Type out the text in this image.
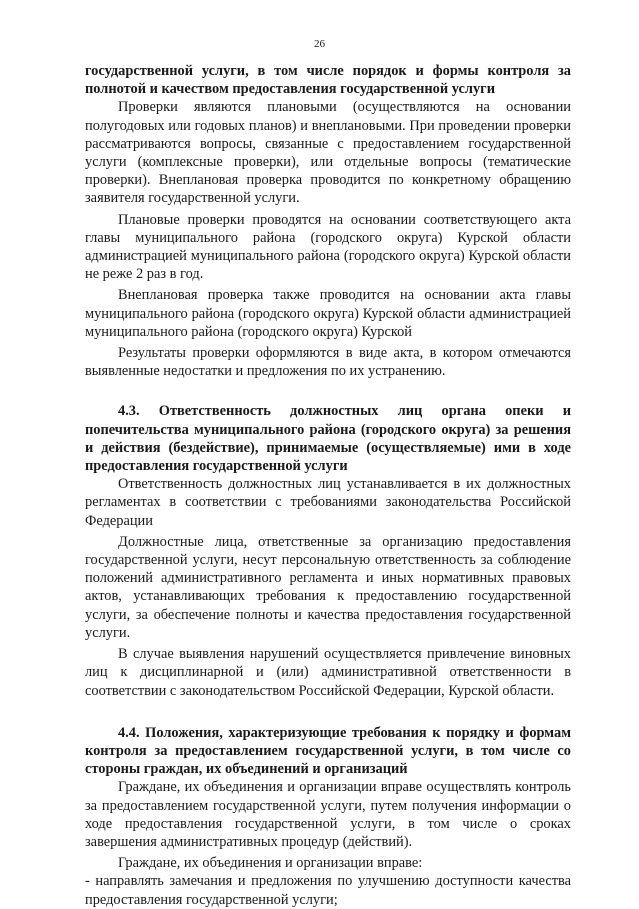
26

государственной услуги, в том числе порядок и формы контроля за полнотой и качеством предоставления государственной услуги

Проверки являются плановыми (осуществляются на основании полугодовых или годовых планов) и внеплановыми. При проведении проверки рассматриваются вопросы, связанные с предоставлением государственной услуги (комплексные проверки), или отдельные вопросы (тематические проверки). Внеплановая проверка проводится по конкретному обращению заявителя государственной услуги.

Плановые проверки проводятся на основании соответствующего акта главы муниципального района (городского округа) Курской области администрацией муниципального района (городского округа) Курской области не реже 2 раз в год.

Внеплановая проверка также проводится на основании акта главы муниципального района (городского округа) Курской области администрацией муниципального района (городского округа) Курской

Результаты проверки оформляются в виде акта, в котором отмечаются выявленные недостатки и предложения по их устранению.

4.3. Ответственность должностных лиц органа опеки и попечительства муниципального района (городского округа) за решения и действия (бездействие), принимаемые (осуществляемые) ими в ходе предоставления государственной услуги

Ответственность должностных лиц устанавливается в их должностных регламентах в соответствии с требованиями законодательства Российской Федерации

Должностные лица, ответственные за организацию предоставления государственной услуги, несут персональную ответственность за соблюдение положений административного регламента и иных нормативных правовых актов, устанавливающих требования к предоставлению государственной услуги, за обеспечение полноты и качества предоставления государственной услуги.

В случае выявления нарушений осуществляется привлечение виновных лиц к дисциплинарной и (или) административной ответственности в соответствии с законодательством Российской Федерации, Курской области.

4.4. Положения, характеризующие требования к порядку и формам контроля за предоставлением государственной услуги, в том числе со стороны граждан, их объединений и организаций

Граждане, их объединения и организации вправе осуществлять контроль за предоставлением государственной услуги, путем получения информации о ходе предоставления государственной услуги, в том числе о сроках завершения административных процедур (действий).

Граждане, их объединения и организации вправе:

- направлять замечания и предложения по улучшению доступности качества предоставления государственной услуги;
